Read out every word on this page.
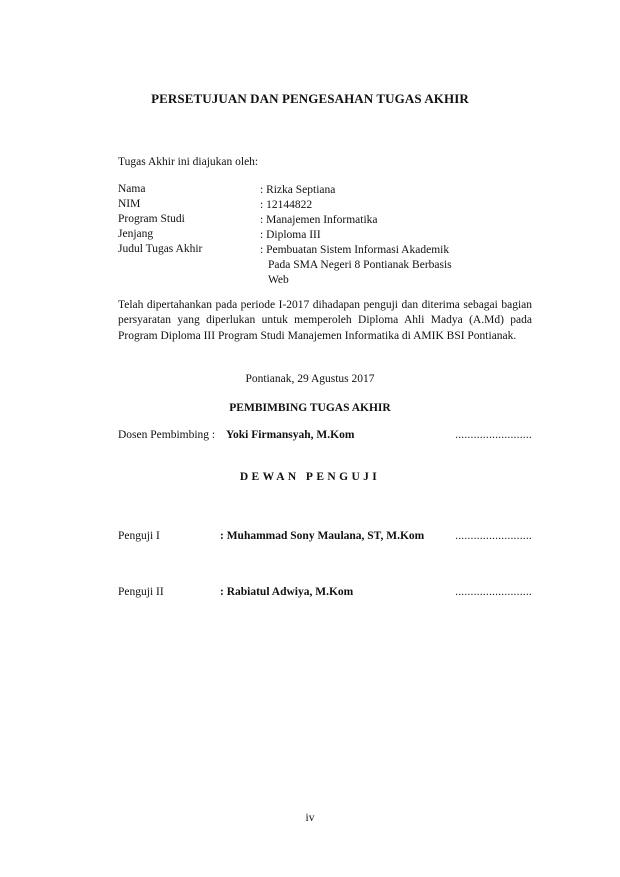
PERSETUJUAN DAN PENGESAHAN TUGAS AKHIR
Tugas Akhir ini diajukan oleh:
Nama	: Rizka Septiana
NIM	: 12144822
Program Studi	: Manajemen Informatika
Jenjang	: Diploma III
Judul Tugas Akhir	: Pembuatan Sistem Informasi Akademik
Pada SMA Negeri 8 Pontianak Berbasis
Web
Telah dipertahankan pada periode I-2017 dihadapan penguji dan diterima sebagai bagian persyaratan yang diperlukan untuk memperoleh Diploma Ahli Madya (A.Md) pada Program Diploma III Program Studi Manajemen Informatika di AMIK BSI Pontianak.
Pontianak, 29 Agustus 2017
PEMBIMBING TUGAS AKHIR
Dosen Pembimbing : Yoki Firmansyah, M.Kom	.........................
DEWAN PENGUJI
Penguji I	: Muhammad Sony Maulana, ST, M.Kom	.........................
Penguji II	: Rabiatul Adwiya, M.Kom	.........................
iv
